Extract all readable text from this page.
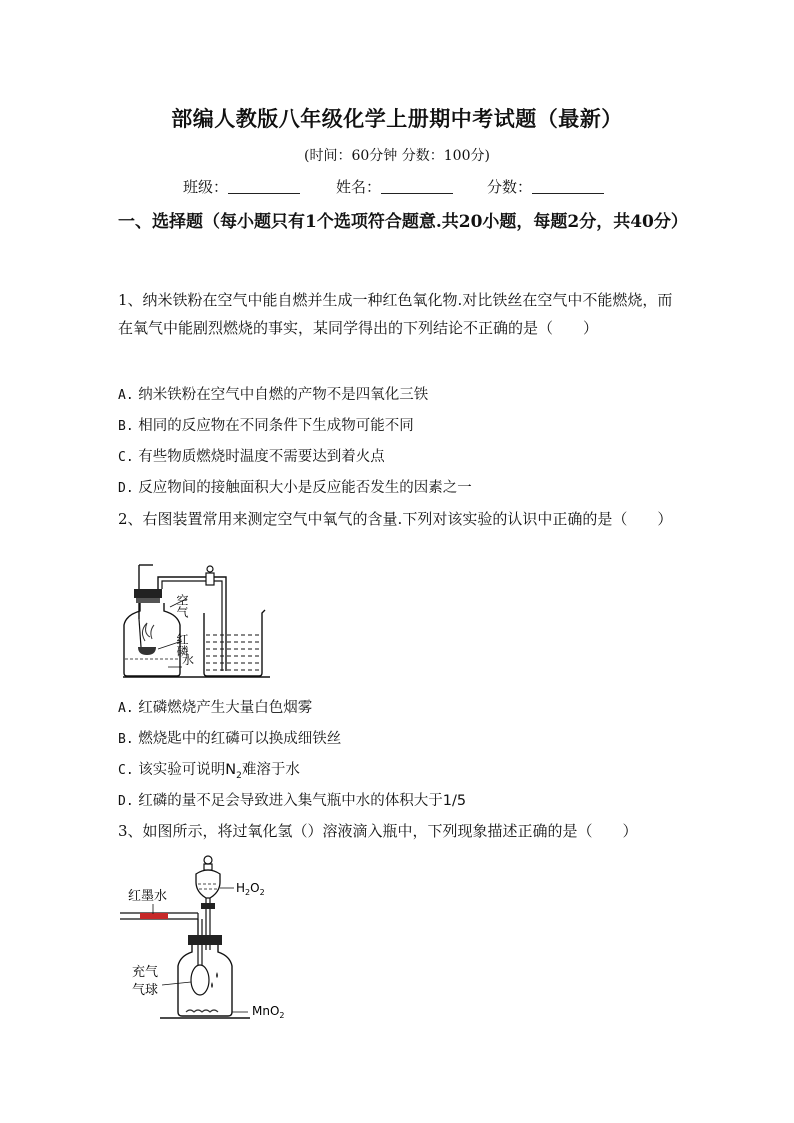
部编人教版八年级化学上册期中考试题（最新）
(时间：60分钟 分数：100分)
班级：	姓名：	分数：
一、选择题（每小题只有1个选项符合题意.共20小题，每题2分，共40分）
1、纳米铁粉在空气中能自燃并生成一种红色氧化物.对比铁丝在空气中不能燃烧，而在氧气中能剧烈燃烧的事实，某同学得出的下列结论不正确的是（　　）
A. 纳米铁粉在空气中自燃的产物不是四氧化三铁
B. 相同的反应物在不同条件下生成物可能不同
C. 有些物质燃烧时温度不需要达到着火点
D. 反应物间的接触面积大小是反应能否发生的因素之一
2、右图装置常用来测定空气中氧气的含量.下列对该实验的认识中正确的是（　　）
空气
红磷
水
A. 红磷燃烧产生大量白色烟雾
B. 燃烧匙中的红磷可以换成细铁丝
C. 该实验可说明$N_2$难溶于水
D. 红磷的量不足会导致进入集气瓶中水的体积大于1/5
3、如图所示，将过氧化氢（）溶液滴入瓶中，下列现象描述正确的是（　　）
红墨水
$H_2O_2$
充气
气球
MnO$_2$
